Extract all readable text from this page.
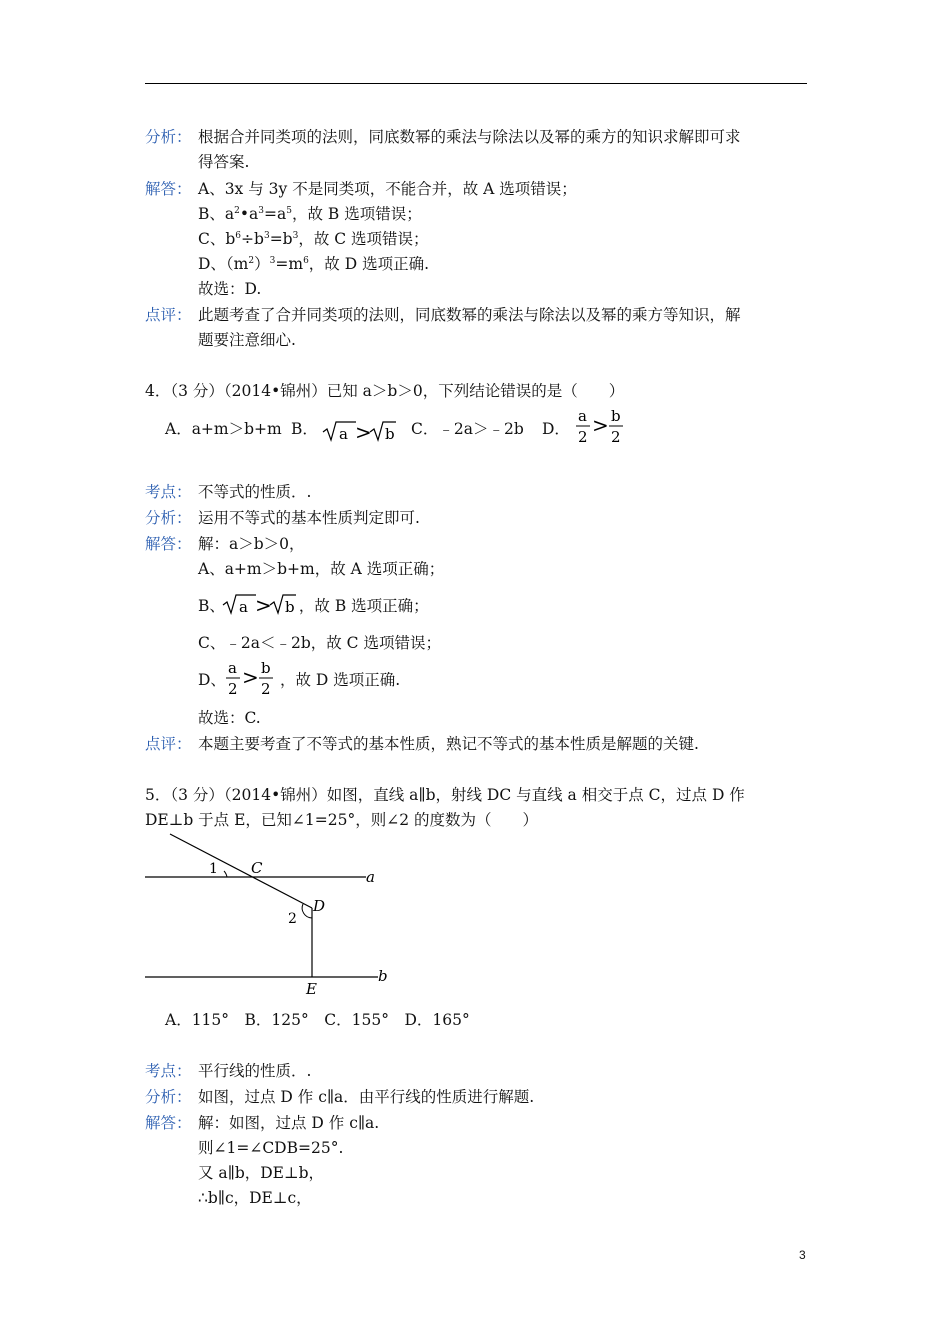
分析： 根据合并同类项的法则，同底数幂的乘法与除法以及幂的乘方的知识求解即可求
得答案.
解答： A、3x 与 3y 不是同类项，不能合并，故 A 选项错误；
B、$a^2•a^3=a^5$，故 B 选项错误；
C、$b^6\div b^3=b^3$，故 C 选项错误；
D、$(m^2)^3=m^6$，故 D 选项正确.
故选：D.
点评： 此题考查了合并同类项的法则，同底数幂的乘法与除法以及幂的乘方等知识，解
题要注意细心.
4．（3 分）（2014•锦州）已知 a＞b＞0，下列结论错误的是（　　）
A．a+m＞b+m B． a > b C．﹣2a＞﹣2b D．
a
2 > b
2
考点： 不等式的性质．.
分析： 运用不等式的基本性质判定即可.
解答： 解：a＞b＞0，
A、a+m＞b+m，故 A 选项正确；
B、	，故 B 选项正确；
a > b
C、﹣2a＜﹣2b，故 C 选项错误；
D、	，故 D 选项正确.
a
2 > b
2
故选：C.
点评： 本题主要考查了不等式的基本性质，熟记不等式的基本性质是解题的关键.
5．（3 分）（2014•锦州）如图，直线 a∥b，射线 DC 与直线 a 相交于点 C，过点 D 作
DE⊥b 于点 E，已知∠1=25°，则∠2 的度数为（　　）
1 C	a
2
D
b
E
A．115°　B．125°　C．155°　D．165°
考点： 平行线的性质．.
分析： 如图，过点 D 作 c∥a．由平行线的性质进行解题.
解答： 解：如图，过点 D 作 c∥a.
则∠1=∠CDB=25°.
又 a∥b，DE⊥b，
∴b∥c，DE⊥c，
3
